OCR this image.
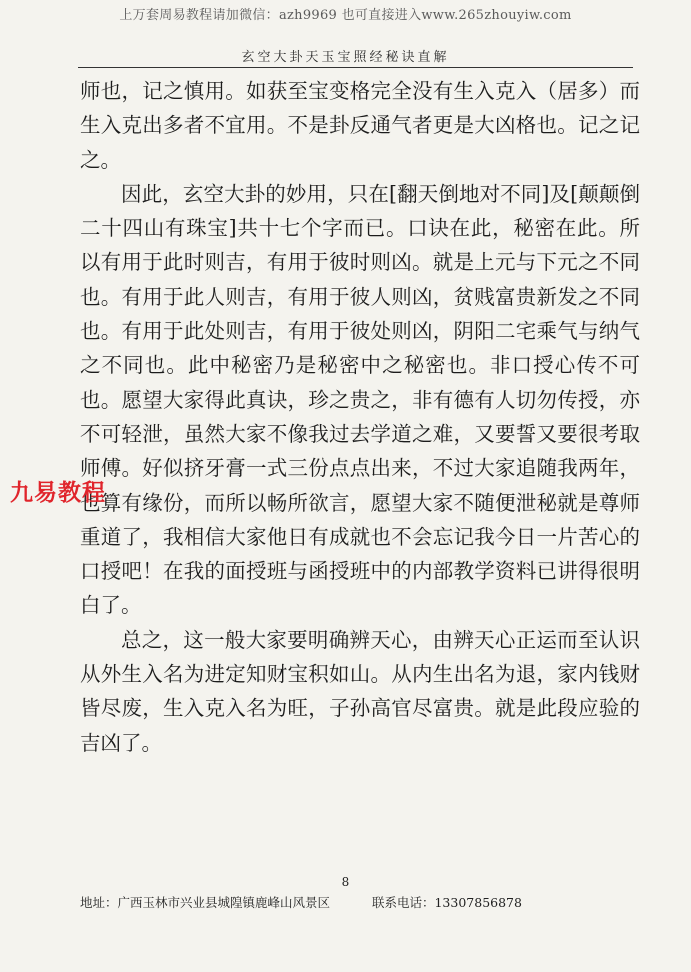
上万套周易教程请加微信：azh9969 也可直接进入www.265zhouyiw.com
玄空大卦天玉宝照经秘诀直解

师也，记之慎用。如获至宝变格完全没有生入克入（居多）而生入克出多者不宜用。不是卦反通气者更是大凶格也。记之记之。

因此，玄空大卦的妙用，只在[翻天倒地对不同]及[颠颠倒二十四山有珠宝]共十七个字而已。口诀在此，秘密在此。所以有用于此时则吉，有用于彼时则凶。就是上元与下元之不同也。有用于此人则吉，有用于彼人则凶，贫贱富贵新发之不同也。有用于此处则吉，有用于彼处则凶，阴阳二宅乘气与纳气之不同也。此中秘密乃是秘密中之秘密也。非口授心传不可也。愿望大家得此真诀，珍之贵之，非有德有人切勿传授，亦不可轻泄，虽然大家不像我过去学道之难，又要誓又要很考取师傅。好似挤牙膏一式三份点点出来，不过大家追随我两年，也算有缘份，而所以畅所欲言，愿望大家不随便泄秘就是尊师重道了，我相信大家他日有成就也不会忘记我今日一片苦心的口授吧！在我的面授班与函授班中的内部教学资料已讲得很明白了。

总之，这一般大家要明确辨天心，由辨天心正运而至认识从外生入名为进定知财宝积如山。从内生出名为退，家内钱财皆尽废，生入克入名为旺，子孙高官尽富贵。就是此段应验的吉凶了。

九易教程
8
地址：广西玉林市兴业县城隍镇鹿峰山风景区	联系电话：13307856878
